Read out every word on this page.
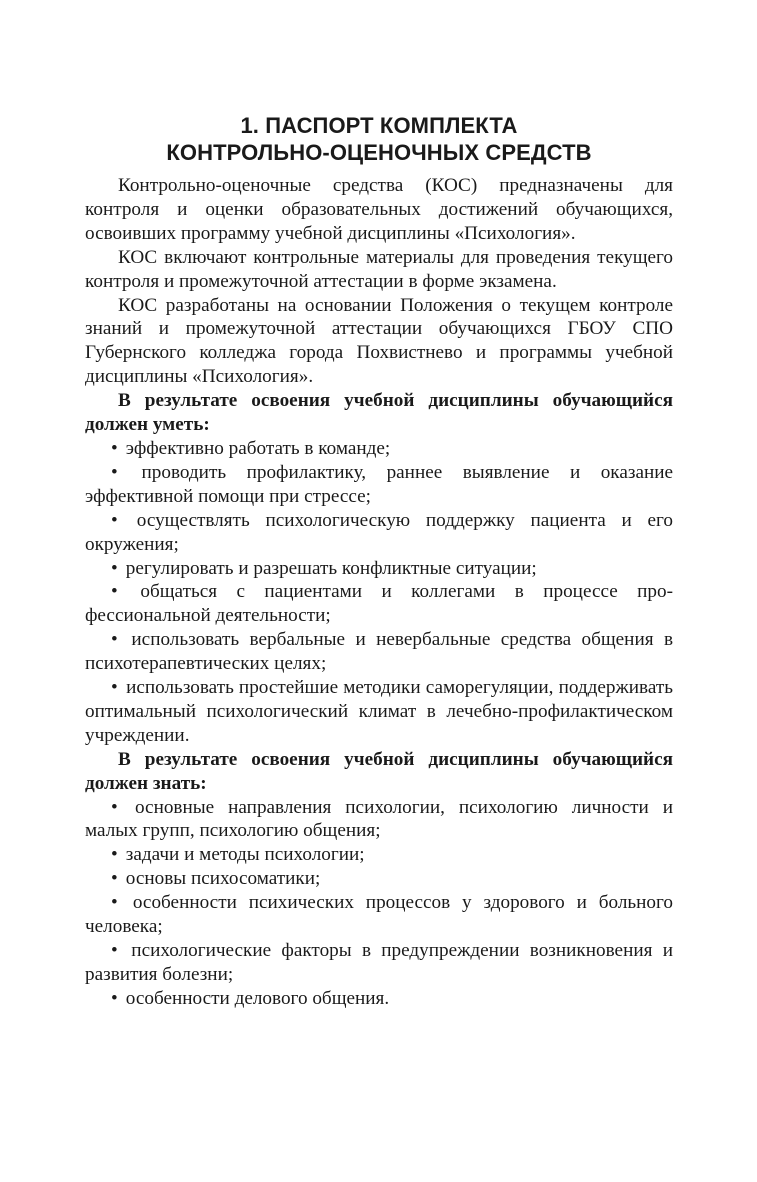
1. ПАСПОРТ КОМПЛЕКТА
КОНТРОЛЬНО-ОЦЕНОЧНЫХ СРЕДСТВ

Контрольно-оценочные средства (КОС) предназначены для контроля и оценки образовательных достижений обучающихся, освоивших программу учебной дисциплины «Психология».

КОС включают контрольные материалы для проведения текущего контроля и промежуточной аттестации в форме экзамена.

КОС разработаны на основании Положения о текущем контроле знаний и промежуточной аттестации обучающихся ГБОУ СПО Губернского колледжа города Похвистнево и программы учебной дисциплины «Психология».

В результате освоения учебной дисциплины обучающийся должен уметь:

• эффективно работать в команде;
• проводить профилактику, раннее выявление и оказание эффективной помощи при стрессе;
• осуществлять психологическую поддержку пациента и его окружения;
• регулировать и разрешать конфликтные ситуации;
• общаться с пациентами и коллегами в процессе профессиональной деятельности;
• использовать вербальные и невербальные средства общения в психотерапевтических целях;
• использовать простейшие методики саморегуляции, поддерживать оптимальный психологический климат в лечебно-профилактическом учреждении.

В результате освоения учебной дисциплины обучающийся должен знать:

• основные направления психологии, психологию личности и малых групп, психологию общения;
• задачи и методы психологии;
• основы психосоматики;
• особенности психических процессов у здорового и больного человека;
• психологические факторы в предупреждении возникновения и развития болезни;
• особенности делового общения.
